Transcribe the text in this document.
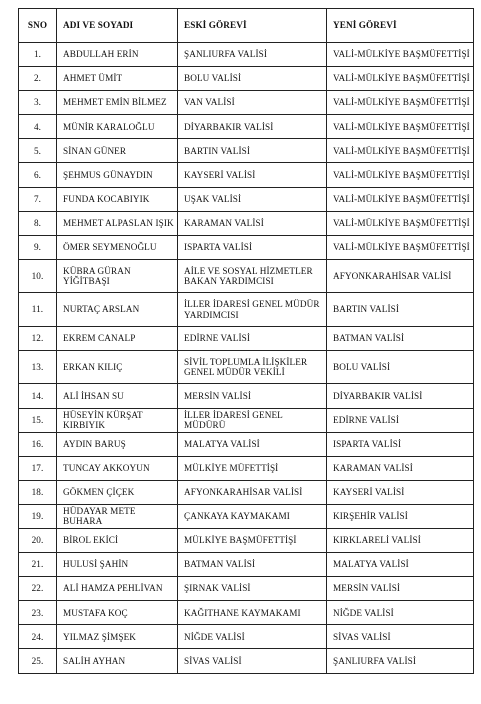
SNO	ADI VE SOYADI	ESKİ GÖREVİ	YENİ GÖREVİ
1.	ABDULLAH ERİN	ŞANLIURFA VALİSİ	VALİ-MÜLKİYE BAŞMÜFETTİŞİ
2.	AHMET ÜMİT	BOLU VALİSİ	VALİ-MÜLKİYE BAŞMÜFETTİŞİ
3.	MEHMET EMİN BİLMEZ	VAN VALİSİ	VALİ-MÜLKİYE BAŞMÜFETTİŞİ
4.	MÜNİR KARALOĞLU	DİYARBAKIR VALİSİ	VALİ-MÜLKİYE BAŞMÜFETTİŞİ
5.	SİNAN GÜNER	BARTIN VALİSİ	VALİ-MÜLKİYE BAŞMÜFETTİŞİ
6.	ŞEHMUS GÜNAYDIN	KAYSERİ VALİSİ	VALİ-MÜLKİYE BAŞMÜFETTİŞİ
7.	FUNDA KOCABIYIK	UŞAK VALİSİ	VALİ-MÜLKİYE BAŞMÜFETTİŞİ
8.	MEHMET ALPASLAN IŞIK	KARAMAN VALİSİ	VALİ-MÜLKİYE BAŞMÜFETTİŞİ
9.	ÖMER SEYMENOĞLU	ISPARTA VALİSİ	VALİ-MÜLKİYE BAŞMÜFETTİŞİ
10.	KÜBRA GÜRAN YİĞİTBAŞI	AİLE VE SOSYAL HİZMETLER BAKAN YARDIMCISI	AFYONKARAHİSAR VALİSİ
11.	NURTAÇ ARSLAN	İLLER İDARESİ GENEL MÜDÜR YARDIMCISI	BARTIN VALİSİ
12.	EKREM CANALP	EDİRNE VALİSİ	BATMAN VALİSİ
13.	ERKAN KILIÇ	SİVİL TOPLUMLA İLİŞKİLER GENEL MÜDÜR VEKİLİ	BOLU VALİSİ
14.	ALİ İHSAN SU	MERSİN VALİSİ	DİYARBAKIR VALİSİ
15.	HÜSEYİN KÜRŞAT KIRBIYIK	İLLER İDARESİ GENEL MÜDÜRÜ	EDİRNE VALİSİ
16.	AYDIN BARUŞ	MALATYA VALİSİ	ISPARTA VALİSİ
17.	TUNCAY AKKOYUN	MÜLKİYE MÜFETTİŞİ	KARAMAN VALİSİ
18.	GÖKMEN ÇİÇEK	AFYONKARAHİSAR VALİSİ	KAYSERİ VALİSİ
19.	HÜDAYAR METE BUHARA	ÇANKAYA KAYMAKAMI	KIRŞEHİR VALİSİ
20.	BİROL EKİCİ	MÜLKİYE BAŞMÜFETTİŞİ	KIRKLARELİ VALİSİ
21.	HULUSİ ŞAHİN	BATMAN VALİSİ	MALATYA VALİSİ
22.	ALİ HAMZA PEHLİVAN	ŞIRNAK VALİSİ	MERSİN VALİSİ
23.	MUSTAFA KOÇ	KAĞITHANE KAYMAKAMI	NİĞDE VALİSİ
24.	YILMAZ ŞİMŞEK	NİĞDE VALİSİ	SİVAS VALİSİ
25.	SALİH AYHAN	SİVAS VALİSİ	ŞANLIURFA VALİSİ
